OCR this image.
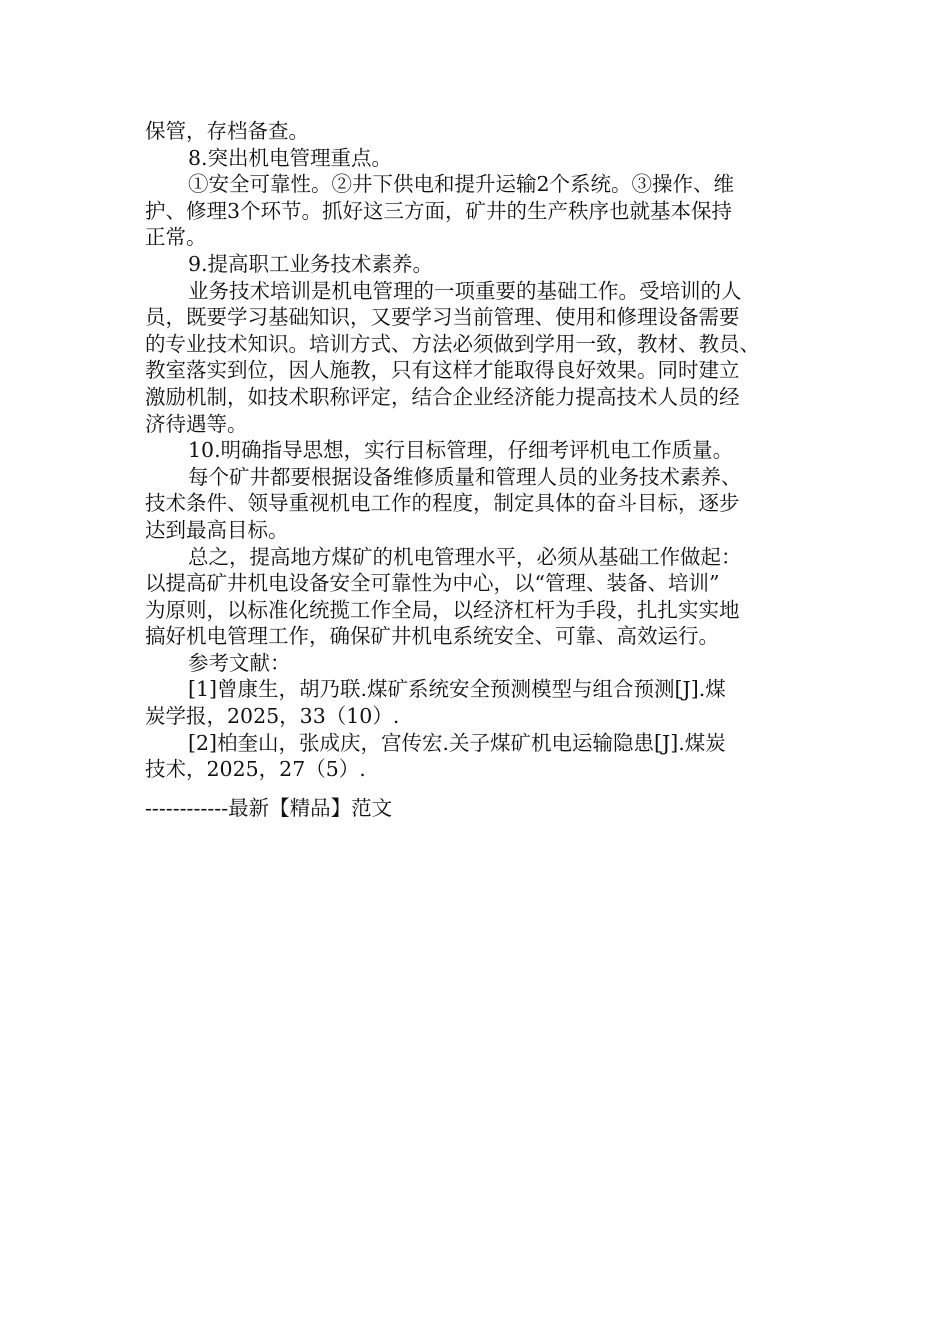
保管，存档备查。
8.突出机电管理重点。
①安全可靠性。②井下供电和提升运输2个系统。③操作、维
护、修理3个环节。抓好这三方面，矿井的生产秩序也就基本保持
正常。
9.提高职工业务技术素养。
业务技术培训是机电管理的一项重要的基础工作。受培训的人
员，既要学习基础知识，又要学习当前管理、使用和修理设备需要
的专业技术知识。培训方式、方法必须做到学用一致，教材、教员、
教室落实到位，因人施教，只有这样才能取得良好效果。同时建立
激励机制，如技术职称评定，结合企业经济能力提高技术人员的经
济待遇等。
10.明确指导思想，实行目标管理，仔细考评机电工作质量。
每个矿井都要根据设备维修质量和管理人员的业务技术素养、
技术条件、领导重视机电工作的程度，制定具体的奋斗目标，逐步
达到最高目标。
总之，提高地方煤矿的机电管理水平，必须从基础工作做起：
以提高矿井机电设备安全可靠性为中心，以“管理、装备、培训”
为原则，以标准化统揽工作全局，以经济杠杆为手段，扎扎实实地
搞好机电管理工作，确保矿井机电系统安全、可靠、高效运行。
参考文献：
[1]曾康生，胡乃联.煤矿系统安全预测模型与组合预测[J].煤
炭学报，2025，33（10）.
[2]柏奎山，张成庆，宫传宏.关子煤矿机电运输隐患[J].煤炭
技术，2025，27（5）.
------------最新【精品】范文
